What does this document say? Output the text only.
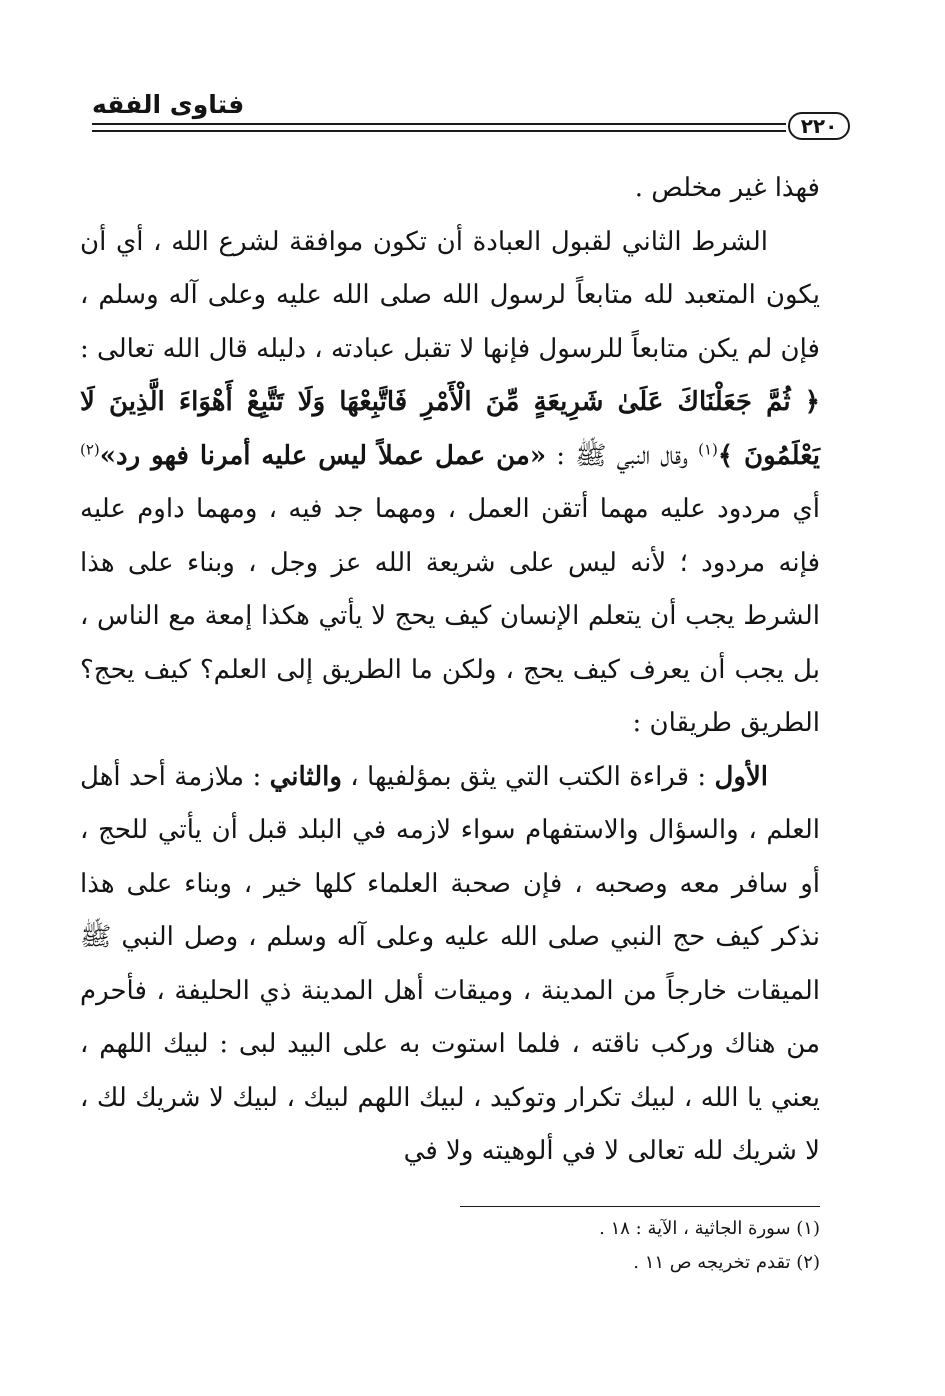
فتاوى الفقه
٢٢٠

فهذا غير مخلص .

الشرط الثاني لقبول العبادة أن تكون موافقة لشرع الله ، أي أن يكون المتعبد لله متابعاً لرسول الله صلى الله عليه وعلى آله وسلم ، فإن لم يكن متابعاً للرسول فإنها لا تقبل عبادته ، دليله قال الله تعالى : ﴿ ثُمَّ جَعَلْنَاكَ عَلَىٰ شَرِيعَةٍ مِّنَ الْأَمْرِ فَاتَّبِعْهَا وَلَا تَتَّبِعْ أَهْوَاءَ الَّذِينَ لَا يَعْلَمُونَ ﴾$^{(١)}$ وقال النبي ﷺ : «من عمل عملاً ليس عليه أمرنا فهو رد»$^{(٢)}$ أي مردود عليه مهما أتقن العمل ، ومهما جد فيه ، ومهما داوم عليه فإنه مردود ؛ لأنه ليس على شريعة الله عز وجل ، وبناء على هذا الشرط يجب أن يتعلم الإنسان كيف يحج لا يأتي هكذا إمعة مع الناس ، بل يجب أن يعرف كيف يحج ، ولكن ما الطريق إلى العلم؟ كيف يحج؟ الطريق طريقان :

الأول : قراءة الكتب التي يثق بمؤلفيها ، والثاني : ملازمة أحد أهل العلم ، والسؤال والاستفهام سواء لازمه في البلد قبل أن يأتي للحج ، أو سافر معه وصحبه ، فإن صحبة العلماء كلها خير ، وبناء على هذا نذكر كيف حج النبي صلى الله عليه وعلى آله وسلم ، وصل النبي ﷺ الميقات خارجاً من المدينة ، وميقات أهل المدينة ذي الحليفة ، فأحرم من هناك وركب ناقته ، فلما استوت به على البيد لبى : لبيك اللهم ، يعني يا الله ، لبيك تكرار وتوكيد ، لبيك اللهم لبيك ، لبيك لا شريك لك ، لا شريك لله تعالى لا في ألوهيته ولا في

(١) سورة الجاثية ، الآية : ١٨ .
(٢) تقدم تخريجه ص ١١ .
